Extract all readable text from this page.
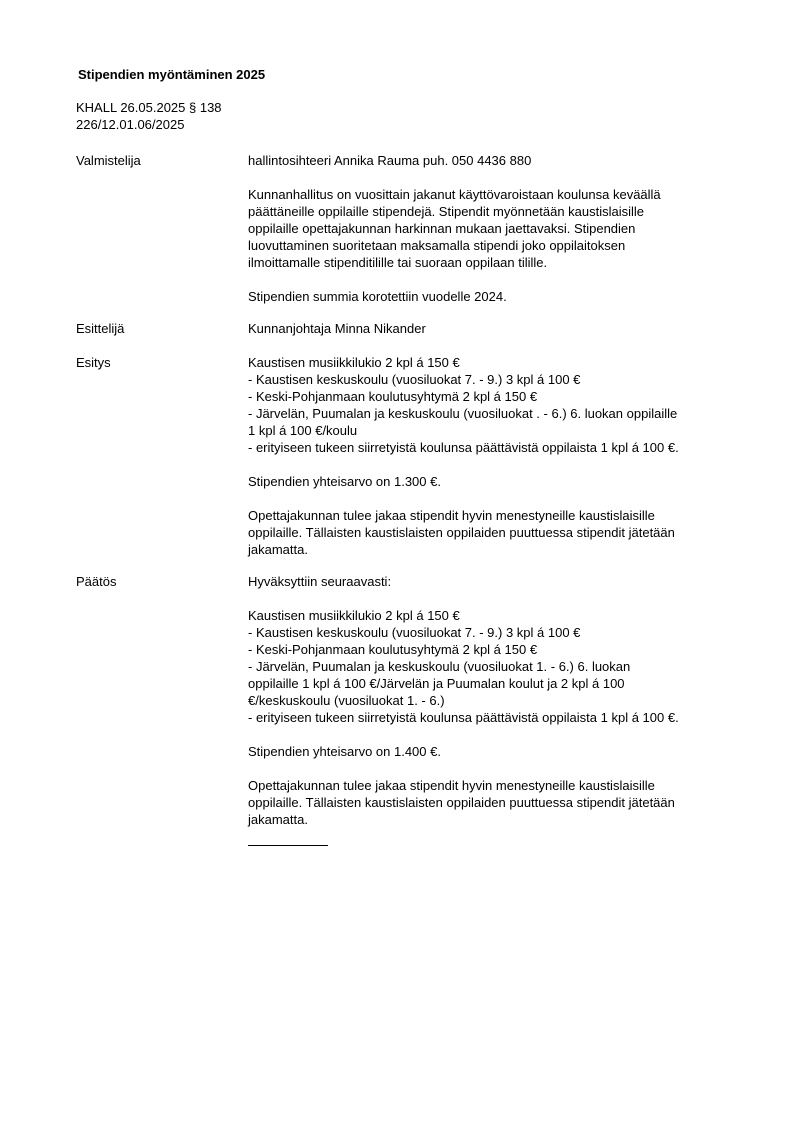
Stipendien myöntäminen 2025
KHALL 26.05.2025 § 138
226/12.01.06/2025
Valmistelija	hallintosihteeri Annika Rauma puh. 050 4436 880

Kunnanhallitus on vuosittain jakanut käyttövaroistaan koulunsa keväällä
päättäneille oppilaille stipendejä. Stipendit myönnetään kaustislaisille
oppilaille opettajakunnan harkinnan mukaan jaettavaksi. Stipendien
luovuttaminen suoritetaan maksamalla stipendi joko oppilaitoksen
ilmoittamalle stipenditilille tai suoraan oppilaan tilille.

Stipendien summia korotettiin vuodelle 2024.

Esittelijä	Kunnanjohtaja Minna Nikander

Esitys	Kaustisen musiikkilukio 2 kpl á 150 €
- Kaustisen keskuskoulu (vuosiluokat 7. - 9.) 3 kpl á 100 €
- Keski-Pohjanmaan koulutusyhtymä 2 kpl á 150 €
- Järvelän, Puumalan ja keskuskoulu (vuosiluokat . - 6.) 6. luokan oppilaille
1 kpl á 100 €/koulu
- erityiseen tukeen siirretyistä koulunsa päättävistä oppilaista 1 kpl á 100 €.

Stipendien yhteisarvo on 1.300 €.

Opettajakunnan tulee jakaa stipendit hyvin menestyneille kaustislaisille
oppilaille. Tällaisten kaustislaisten oppilaiden puuttuessa stipendit jätetään
jakamatta.

Päätös	Hyväksyttiin seuraavasti:

Kaustisen musiikkilukio 2 kpl á 150 €
- Kaustisen keskuskoulu (vuosiluokat 7. - 9.) 3 kpl á 100 €
- Keski-Pohjanmaan koulutusyhtymä 2 kpl á 150 €
- Järvelän, Puumalan ja keskuskoulu (vuosiluokat 1. - 6.) 6. luokan
oppilaille 1 kpl á 100 €/Järvelän ja Puumalan koulut ja 2 kpl á 100
€/keskuskoulu (vuosiluokat 1. - 6.)
- erityiseen tukeen siirretyistä koulunsa päättävistä oppilaista 1 kpl á 100 €.

Stipendien yhteisarvo on 1.400 €.

Opettajakunnan tulee jakaa stipendit hyvin menestyneille kaustislaisille
oppilaille. Tällaisten kaustislaisten oppilaiden puuttuessa stipendit jätetään
jakamatta.
